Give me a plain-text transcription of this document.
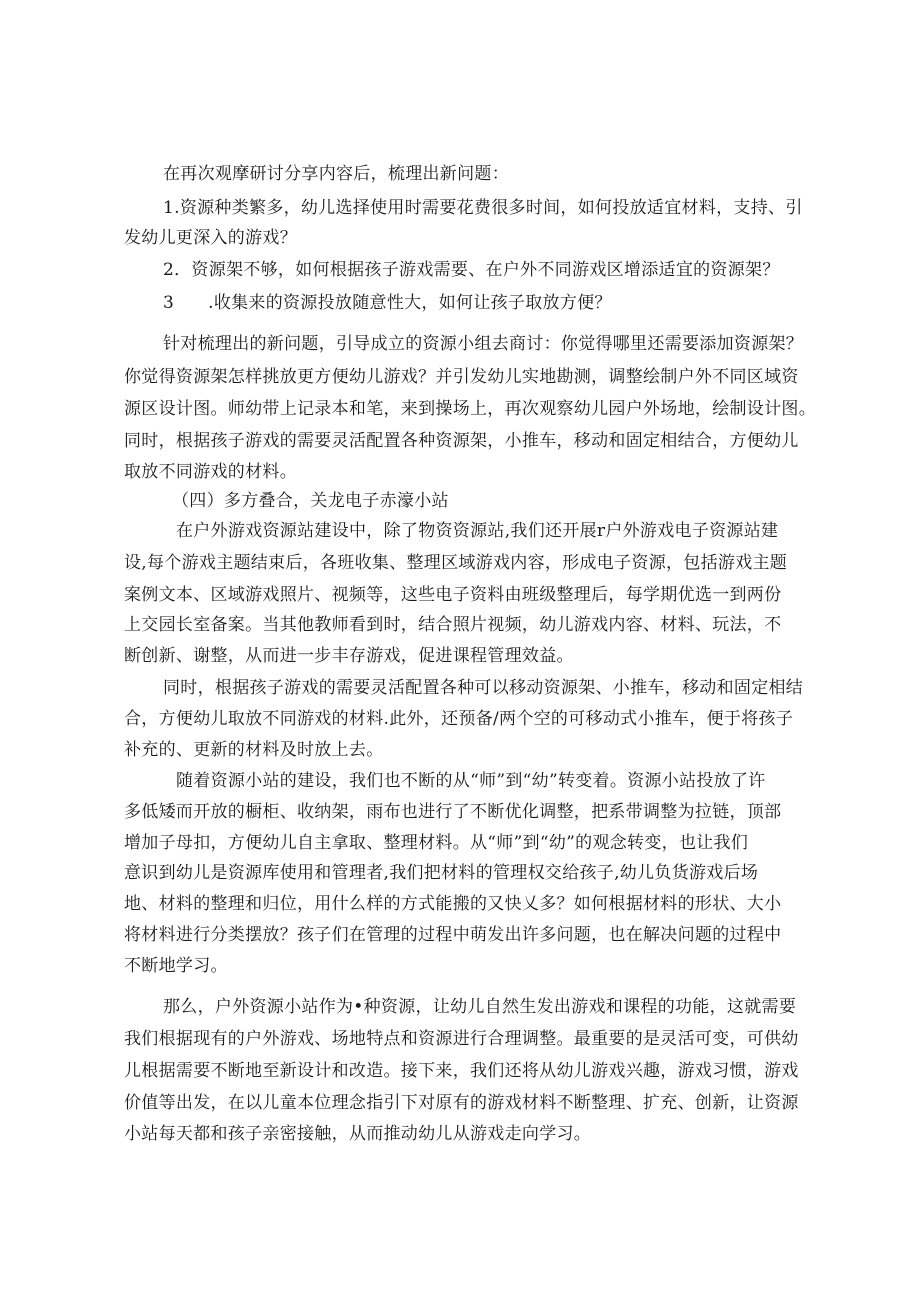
在再次观摩研讨分享内容后，梳理出新问题：

1.资源种类繁多，幼儿选择使用时需要花费很多时间，如何投放适宜材料，支持、引

发幼儿更深入的游戏？

2．资源架不够，如何根据孩子游戏需要、在户外不同游戏区增添适宜的资源架？

3 .收集来的资源投放随意性大，如何让孩子取放方便？

针对梳理出的新问题，引导成立的资源小组去商讨：你觉得哪里还需要添加资源架？

你觉得资源架怎样挑放更方便幼儿游戏？并引发幼儿实地勘测，调整绘制户外不同区域资

源区设计图。师幼带上记录本和笔，来到操场上，再次观察幼儿园户外场地，绘制设计图。

同时，根据孩子游戏的需要灵活配置各种资源架，小推车，移动和固定相结合，方便幼儿

取放不同游戏的材料。

（四）多方叠合，关龙电子赤濠小站

在户外游戏资源站建设中，除了物资资源站,我们还开展r户外游戏电子资源站建

设,每个游戏主题结束后，各班收集、整理区域游戏内容，形成电子资源，包括游戏主题

案例文本、区域游戏照片、视频等，这些电子资料由班级整理后，每学期优选一到两份

上交园长室备案。当其他教师看到时，结合照片视频，幼儿游戏内容、材料、玩法，不

断创新、谢整，从而进一步丰存游戏，促进课程管理效益。

同时，根据孩子游戏的需要灵活配置各种可以移动资源架、小推车，移动和固定相结

合，方便幼儿取放不同游戏的材料.此外，还预备/两个空的可移动式小推车，便于将孩子

补充的、更新的材料及时放上去。

随着资源小站的建设，我们也不断的从“师”到“幼”转变着。资源小站投放了许

多低矮而开放的橱柜、收纳架，雨布也进行了不断优化调整，把系带调整为拉链，顶部

增加子母扣，方便幼儿自主拿取、整理材料。从“师”到“幼”的观念转变，也让我们

意识到幼儿是资源库使用和管理者,我们把材料的管理权交给孩子,幼儿负货游戏后场

地、材料的整理和归位，用什么样的方式能搬的又快乂多？如何根据材料的形状、大小

将材料进行分类摆放？孩子们在管理的过程中萌发出许多问题，也在解决问题的过程中

不断地学习。

那么，户外资源小站作为•种资源，让幼儿自然生发出游戏和课程的功能，这就需要

我们根据现有的户外游戏、场地特点和资源进行合理调整。最重要的是灵活可变，可供幼

儿根据需要不断地至新设计和改造。接下来，我们还将从幼儿游戏兴趣，游戏习惯，游戏

价值等出发，在以儿童本位理念指引下对原有的游戏材料不断整理、扩充、创新，让资源

小站每天都和孩子亲密接触，从而推动幼儿从游戏走向学习。
